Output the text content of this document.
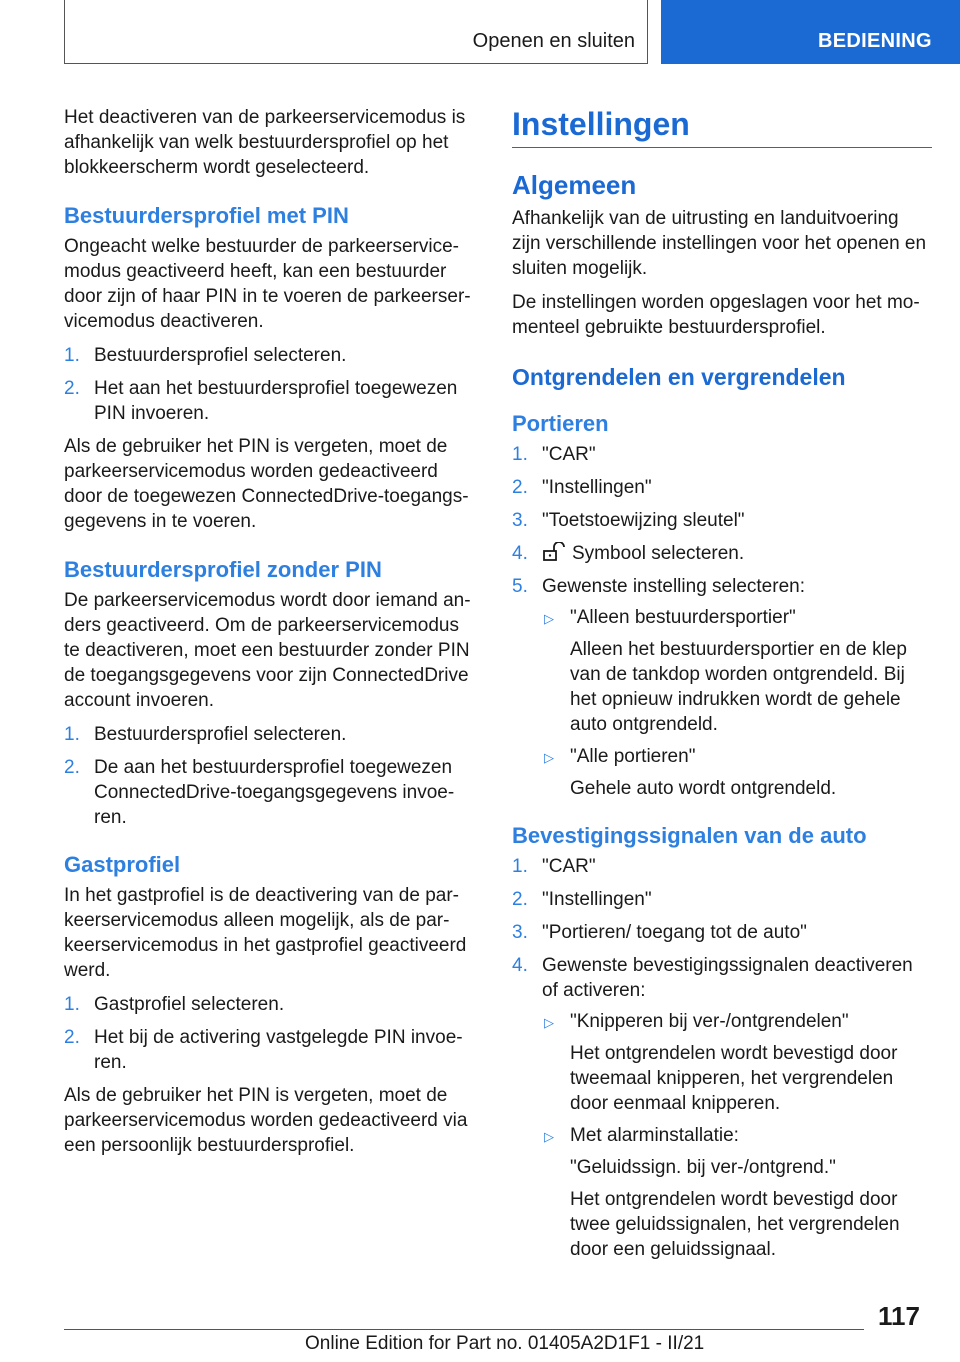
Openen en sluiten	BEDIENING

Het deactiveren van de parkeerservicemodus is afhankelijk van welk bestuurdersprofiel op het blokkeerscherm wordt geselecteerd.

Bestuurdersprofiel met PIN

Ongeacht welke bestuurder de parkeerservice-modus geactiveerd heeft, kan een bestuurder door zijn of haar PIN in te voeren de parkeerser-vicemodus deactiveren.

1. Bestuurdersprofiel selecteren.
2. Het aan het bestuurdersprofiel toegewezen PIN invoeren.

Als de gebruiker het PIN is vergeten, moet de parkeerservicemodus worden gedeactiveerd door de toegewezen ConnectedDrive-toegangs-gegevens in te voeren.

Bestuurdersprofiel zonder PIN

De parkeerservicemodus wordt door iemand an-ders geactiveerd. Om de parkeerservicemodus te deactiveren, moet een bestuurder zonder PIN de toegangsgegevens voor zijn ConnectedDrive account invoeren.

1. Bestuurdersprofiel selecteren.
2. De aan het bestuurdersprofiel toegewezen ConnectedDrive-toegangsgegevens invoe-ren.
Gastprofiel

In het gastprofiel is de deactivering van de par-keerservicemodus alleen mogelijk, als de par-keerservicemodus in het gastprofiel geactiveerd werd.

1. Gastprofiel selecteren.
2. Het bij de activering vastgelegde PIN invoe-ren.

Als de gebruiker het PIN is vergeten, moet de parkeerservicemodus worden gedeactiveerd via een persoonlijk bestuurdersprofiel.

Instellingen
Algemeen

Afhankelijk van de uitrusting en landuitvoering zijn verschillende instellingen voor het openen en sluiten mogelijk.

De instellingen worden opgeslagen voor het mo-menteel gebruikte bestuurdersprofiel.

Ontgrendelen en vergrendelen
Portieren
1. "CAR"
2. "Instellingen"
3. "Toetstoewijzing sleutel"
4. Symbool selecteren.
5. Gewenste instelling selecteren:
▷ "Alleen bestuurdersportier"
Alleen het bestuurdersportier en de klep van de tankdop worden ontgrendeld. Bij het opnieuw indrukken wordt de gehele auto ontgrendeld.
▷ "Alle portieren"
Gehele auto wordt ontgrendeld.
Bevestigingssignalen van de auto
1. "CAR"
2. "Instellingen"
3. "Portieren/ toegang tot de auto"
4. Gewenste bevestigingssignalen deactiveren of activeren:
▷ "Knipperen bij ver-/ontgrendelen"
Het ontgrendelen wordt bevestigd door tweemaal knipperen, het vergrendelen door eenmaal knipperen.
▷ Met alarminstallatie:
"Geluidssign. bij ver-/ontgrend."
Het ontgrendelen wordt bevestigd door twee geluidssignalen, het vergrendelen door een geluidssignaal.
117
Online Edition for Part no. 01405A2D1F1 - II/21
